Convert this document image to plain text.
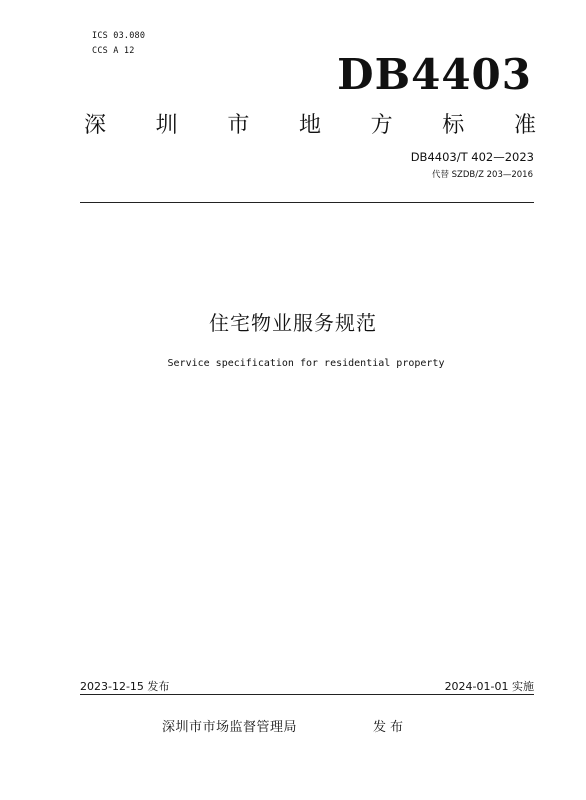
ICS 03.080
CCS A 12	DB4403
深 圳 市 地 方 标 准
DB4403/T 402—2023
代替 SZDB/Z 203—2016
住宅物业服务规范
Service specification for residential property
2023-12-15 发布	2024-01-01 实施
深圳市市场监督管理局	发布
